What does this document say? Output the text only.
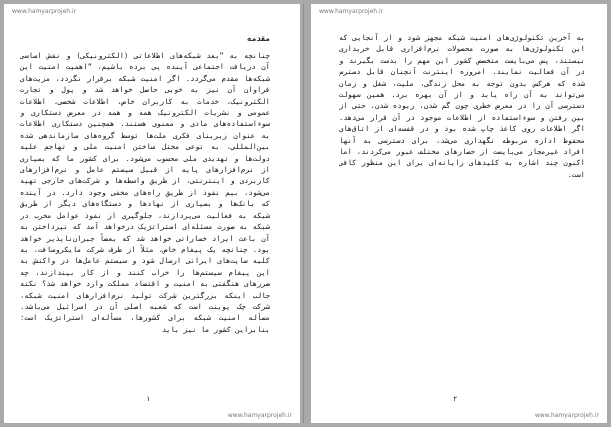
www.hamyarprojeh.ir
مقدمه
چنانچه به ”بعد شبکه‌های اطلاعاتی (الکترونیکی) و نقش اساسی آن دریافت اجتماعی آینده پی برده باشیم، ”اهمیت امنیت این شبکه‌ها مقدم می‌گردد. اگر امنیت شبکه برقرار نگردد، مزیت‌های فراوان آن نیز به خوبی حاصل خواهد شد و پول و تجارت الکترونیک، خدمات به کاربران خاص، اطلاعات شخصی، اطلاعات عمومی و نشریات الکترونیک همه و همه در معرض دستکاری و سوءاستفاده‌های مادی و معنوی هستند. همچنین دستکاری اطلاعات به عنوان زیربنای فکری ملت‌ها توسط گروه‌های سازماندهی شده بین‌المللی، به نوعی مختل ساختن امنیت ملی و تهاجم علیه دولت‌ها و تهدیدی ملی محسوب می‌شود. برای کشور ما که بسیاری از نرم‌افزارهای پایه از قبیل سیستم عامل و نرم‌افزارهای کاربردی و اینترنتی، از طریق واسطه‌ها و شرکت‌های خارجی تهیه می‌شود، بیم نفوذ از طریق راه‌های مخفی وجود دارد. در آینده که بانک‌ها و بسیاری از نهادها و دستگاه‌های دیگر از طریق شبکه به فعالیت می‌پردازند، جلوگیری از نفوذ عوامل مخرب در شبکه به صورت مسئله‌ای استراتژیک درخواهد آمد که نپرداختن به آن باعث ایراد خساراتی خواهد شد که بعضاً جبران‌ناپذیر خواهد بود. چنانچه یک پیغام خاص، مثلاً از طرف شرکت مایکروسافت، به کلیه سایت‌های ایرانی ارسال شود و سیستم عامل‌ها در واکنش به این پیغام سیستم‌ها را خراب کنند و از کار بیندازند، چه ضررهای هنگفتی به امنیت و اقتصاد مملکت وارد خواهد شد؟ نکته جالب اینکه بزرگترین شرکت تولید نرم‌افزارهای امنیت شبکه، شرکت چک پوینت است که شعبه اصلی آن در اسرائیل می‌باشد. مسأله امنیت شبکه برای کشورها، مسأله‌ای استراتژیک است؛ بنابراین کشور ما نیز باید
۱
www.hamyarprojeh.ir
www.hamyarprojeh.ir
به آخرین تکنولوژی‌های امنیت شبکه مجهز شود و از آنجایی که این تکنولوژی‌ها به صورت محصولات نرم‌افزاری قابل خریداری نیستند، پس می‌بایست متخصص کشور این مهم را بدست بگیرند و در آن فعالیت نمایند. امروزه اینترنت آنچنان قابل دسترس شده که هرکس بدون توجه به محل زندگی، ملیت، شغل و زمان می‌تواند به آن راه یابد و از آن بهره برد. همین سهولت دسترسی آن را در معرض خطری چون گم شدن، ربوده شدن، حتی از بین رفتن و سوءاستفاده از اطلاعات موجود در آن قرار می‌دهد. اگر اطلاعات روی کاغذ چاپ شده بود و در قفسه‌ای از اتاق‌های محفوظ اداره مربوطه نگهداری می‌شد، برای دسترسی به آنها افراد غیرمجاز می‌بایست از حصارهای مختلف عبور می‌کردند، اما اکنون چند اشاره به کلیدهای رایانه‌ای برای این منظور کافی است.
۲
www.hamyarprojeh.ir
